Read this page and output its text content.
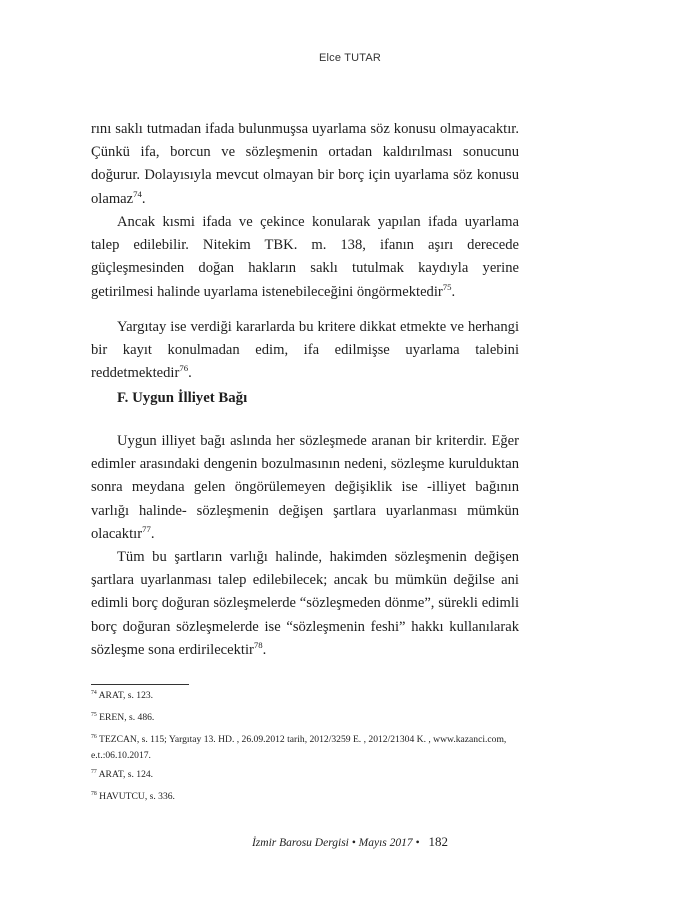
Elce TUTAR

rını saklı tutmadan ifada bulunmuşsa uyarlama söz konusu olmayacaktır. Çünkü ifa, borcun ve sözleşmenin ortadan kaldırılması sonucunu doğurur. Dolayısıyla mevcut olmayan bir borç için uyarlama söz konusu olamaz$^{74}$.

Ancak kısmi ifada ve çekince konularak yapılan ifada uyarlama talep edilebilir. Nitekim TBK. m. 138, ifanın aşırı derecede güçleşmesinden doğan hakların saklı tutulmak kaydıyla yerine getirilmesi halinde uyarlama istenebileceğini öngörmektedir$^{75}$.

Yargıtay ise verdiği kararlarda bu kritere dikkat etmekte ve herhangi bir kayıt konulmadan edim, ifa edilmişse uyarlama talebini reddetmektedir$^{76}$.

F. Uygun İlliyet Bağı

Uygun illiyet bağı aslında her sözleşmede aranan bir kriterdir. Eğer edimler arasındaki dengenin bozulmasının nedeni, sözleşme kurulduktan sonra meydana gelen öngörülemeyen değişiklik ise -illiyet bağının varlığı halinde- sözleşmenin değişen şartlara uyarlanması mümkün olacaktır$^{77}$.

Tüm bu şartların varlığı halinde, hakimden sözleşmenin değişen şartlara uyarlanması talep edilebilecek; ancak bu mümkün değilse ani edimli borç doğuran sözleşmelerde “sözleşmeden dönme”, sürekli edimli borç doğuran sözleşmelerde ise “sözleşmenin feshi” hakkı kullanılarak sözleşme sona erdirilecektir$^{78}$.

$^{74}$ ARAT, s. 123.

$^{75}$ EREN, s. 486.

$^{76}$ TEZCAN, s. 115; Yargıtay 13. HD. , 26.09.2012 tarih, 2012/3259 E. , 2012/21304 K. , www.kazanci.com, e.t.:06.10.2017.

$^{77}$ ARAT, s. 124.

$^{78}$ HAVUTCU, s. 336.

İzmir Barosu Dergisi • Mayıs 2017 • 182
